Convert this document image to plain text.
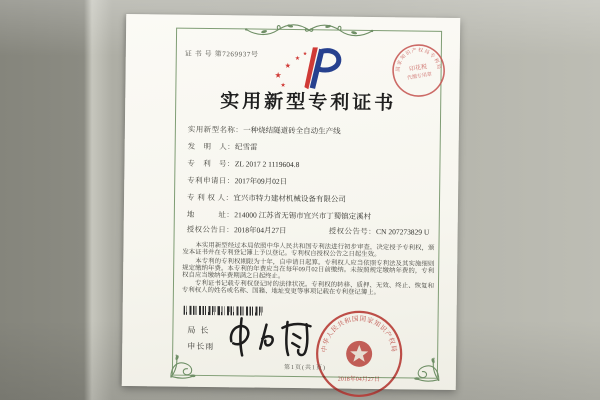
证 书 号 第7269937号
国家知识产权局专利局
印花税
代缴专用章
★
★
★
★
★
实用新型专利证书
实用新型名称：一种烧结隧道砖全自动生产线
发　明　人：纪雪雷
专　利　号：ZL 2017 2 1119604.8
专利申请日：2017年09月02日
专 利 权 人：宜兴市特力建材机械设备有限公司
地　　　址：214000 江苏省无锡市宜兴市丁蜀镇定溪村
授权公告日：2018年04月27日	授权公告号：CN 207273829 U

本实用新型经过本局依照中华人民共和国专利法进行初步审查，决定授予专利权，颁发本证书并在专利登记簿上予以登记。专利权自授权公告之日起生效。

本专利的专利权期限为十年，自申请日起算。专利权人应当依照专利法及其实施细则规定缴纳年费。本专利的年费应当在每年09月02日前缴纳。未按照规定缴纳年费的，专利权自应当缴纳年费期满之日起终止。

专利证书记载专利权登记时的法律状况。专利权的转移、质押、无效、终止、恢复和专利权人的姓名或名称、国籍、地址变更等事项记载在专利登记簿上。

局长
申长雨	中华人民共和国国家知识产权局
2018年04月27日
第1页(共1页)
